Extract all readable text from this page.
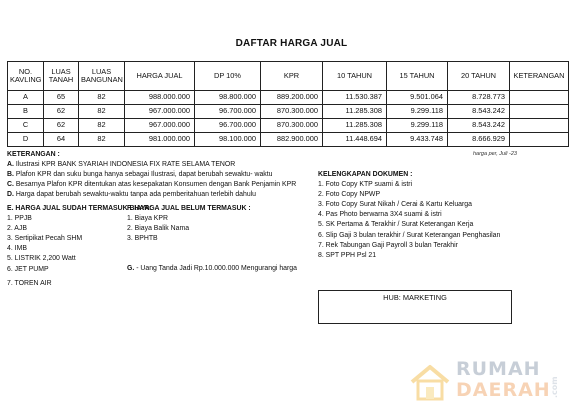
DAFTAR HARGA JUAL
NO. KAVLING	LUAS TANAH	LUAS BANGUNAN	HARGA JUAL	DP 10%	KPR	10 TAHUN	15 TAHUN	20 TAHUN	KETERANGAN
A	65	82	988.000.000	98.800.000	889.200.000	11.530.387	9.501.064	8.728.773	
B	62	82	967.000.000	96.700.000	870.300.000	11.285.308	9.299.118	8.543.242	
C	62	82	967.000.000	96.700.000	870.300.000	11.285.308	9.299.118	8.543.242	
D	64	82	981.000.000	98.100.000	882.900.000	11.448.694	9.433.748	8.666.929	
harga per, Juli -23
KETERANGAN :
A. Ilustrasi KPR BANK SYARIAH INDONESIA FIX RATE SELAMA TENOR
B. Plafon KPR dan suku bunga hanya sebagai Ilustrasi, dapat berubah sewaktu- waktu
C. Besarnya Plafon KPR ditentukan atas kesepakatan Konsumen dengan Bank Penjamin KPR
D. Harga dapat berubah sewaktu-waktu tanpa ada pemberitahuan terlebih dahulu
KELENGKAPAN DOKUMEN :
1. Foto Copy KTP suami & istri
2. Foto Copy NPWP
3. Foto Copy Surat Nikah / Cerai & Kartu Keluarga
4. Pas Photo berwarna 3X4 suami & istri
5. SK Pertama & Terakhir / Surat Keterangan Kerja
6. Slip Gaji 3 bulan terakhir / Surat Keterangan Penghasilan
7. Rek Tabungan Gaji Payroll 3 bulan Terakhir
8. SPT PPH Psl 21
E. HARGA JUAL SUDAH TERMASUK BIAYA:
1. PPJB
2. AJB
3. Sertipikat Pecah SHM
4. IMB
5. LISTRIK 2,200 Watt
6. JET PUMP
7. TOREN AIR
F. HARGA JUAL BELUM TERMASUK :
1. Biaya KPR
2. Biaya Balik Nama
3. BPHTB
G. - Uang Tanda Jadi Rp.10.000.000 Mengurangi harga
HUB: MARKETING
RUMAH
DAERAH .com
